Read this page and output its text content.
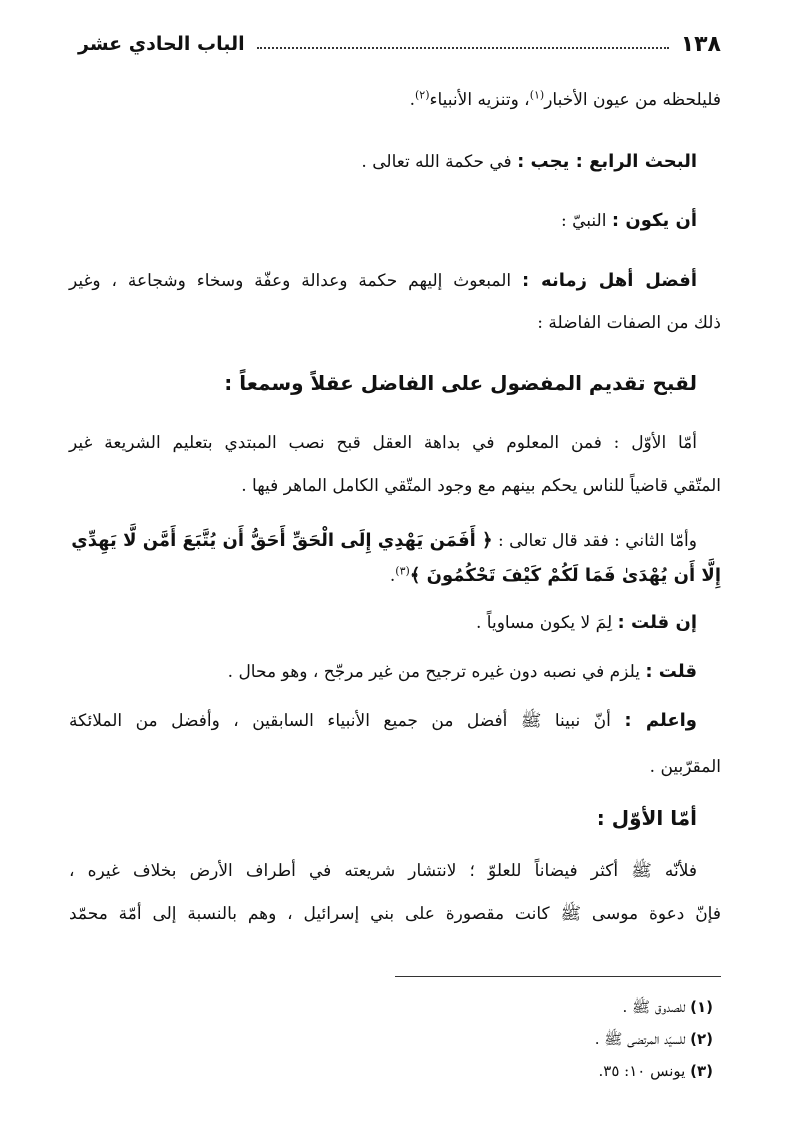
١٣٨
الباب الحادي عشر
فليلحظه من عيون الأخبار$^{(١)}$، وتنزيه الأنبياء$^{(٢)}$.
البحث الرابع : يجب : في حكمة الله تعالى .
أن يكون : النبيّ :
أفضل أهل زمانه : المبعوث إليهم حكمة وعدالة وعفّة وسخاء وشجاعة ، وغير
ذلك من الصفات الفاضلة :
لقبح تقديم المفضول على الفاضل عقلاً وسمعاً :
أمّا الأوّل : فمن المعلوم في بداهة العقل قبح نصب المبتدي بتعليم الشريعة غير
المتّقي قاضياً للناس يحكم بينهم مع وجود المتّقي الكامل الماهر فيها .
وأمّا الثاني : فقد قال تعالى : ﴿ أَفَمَن يَهْدِي إِلَى الْحَقِّ أَحَقُّ أَن يُتَّبَعَ أَمَّن لَّا يَهِدِّي
إِلَّا أَن يُهْدَىٰ فَمَا لَكُمْ كَيْفَ تَحْكُمُونَ ﴾$^{(٣)}$.
إن قلت : لِمَ لا يكون مساوياً .
قلت : يلزم في نصبه دون غيره ترجيح من غير مرجّح ، وهو محال .
واعلم : أنّ نبينا ﷺ أفضل من جميع الأنبياء السابقين ، وأفضل من الملائكة
المقرّبين .
أمّا الأوّل :
فلأنّه ﷺ أكثر فيضاناً للعلوّ ؛ لانتشار شريعته في أطراف الأرض بخلاف غيره ،
فإنّ دعوة موسى ﷺ كانت مقصورة على بني إسرائيل ، وهم بالنسبة إلى أمّة محمّد
(١) للصدوق ﷺ .
(٢) للسيّد المرتضى ﷺ .
(٣) يونس ١٠: ٣٥.
